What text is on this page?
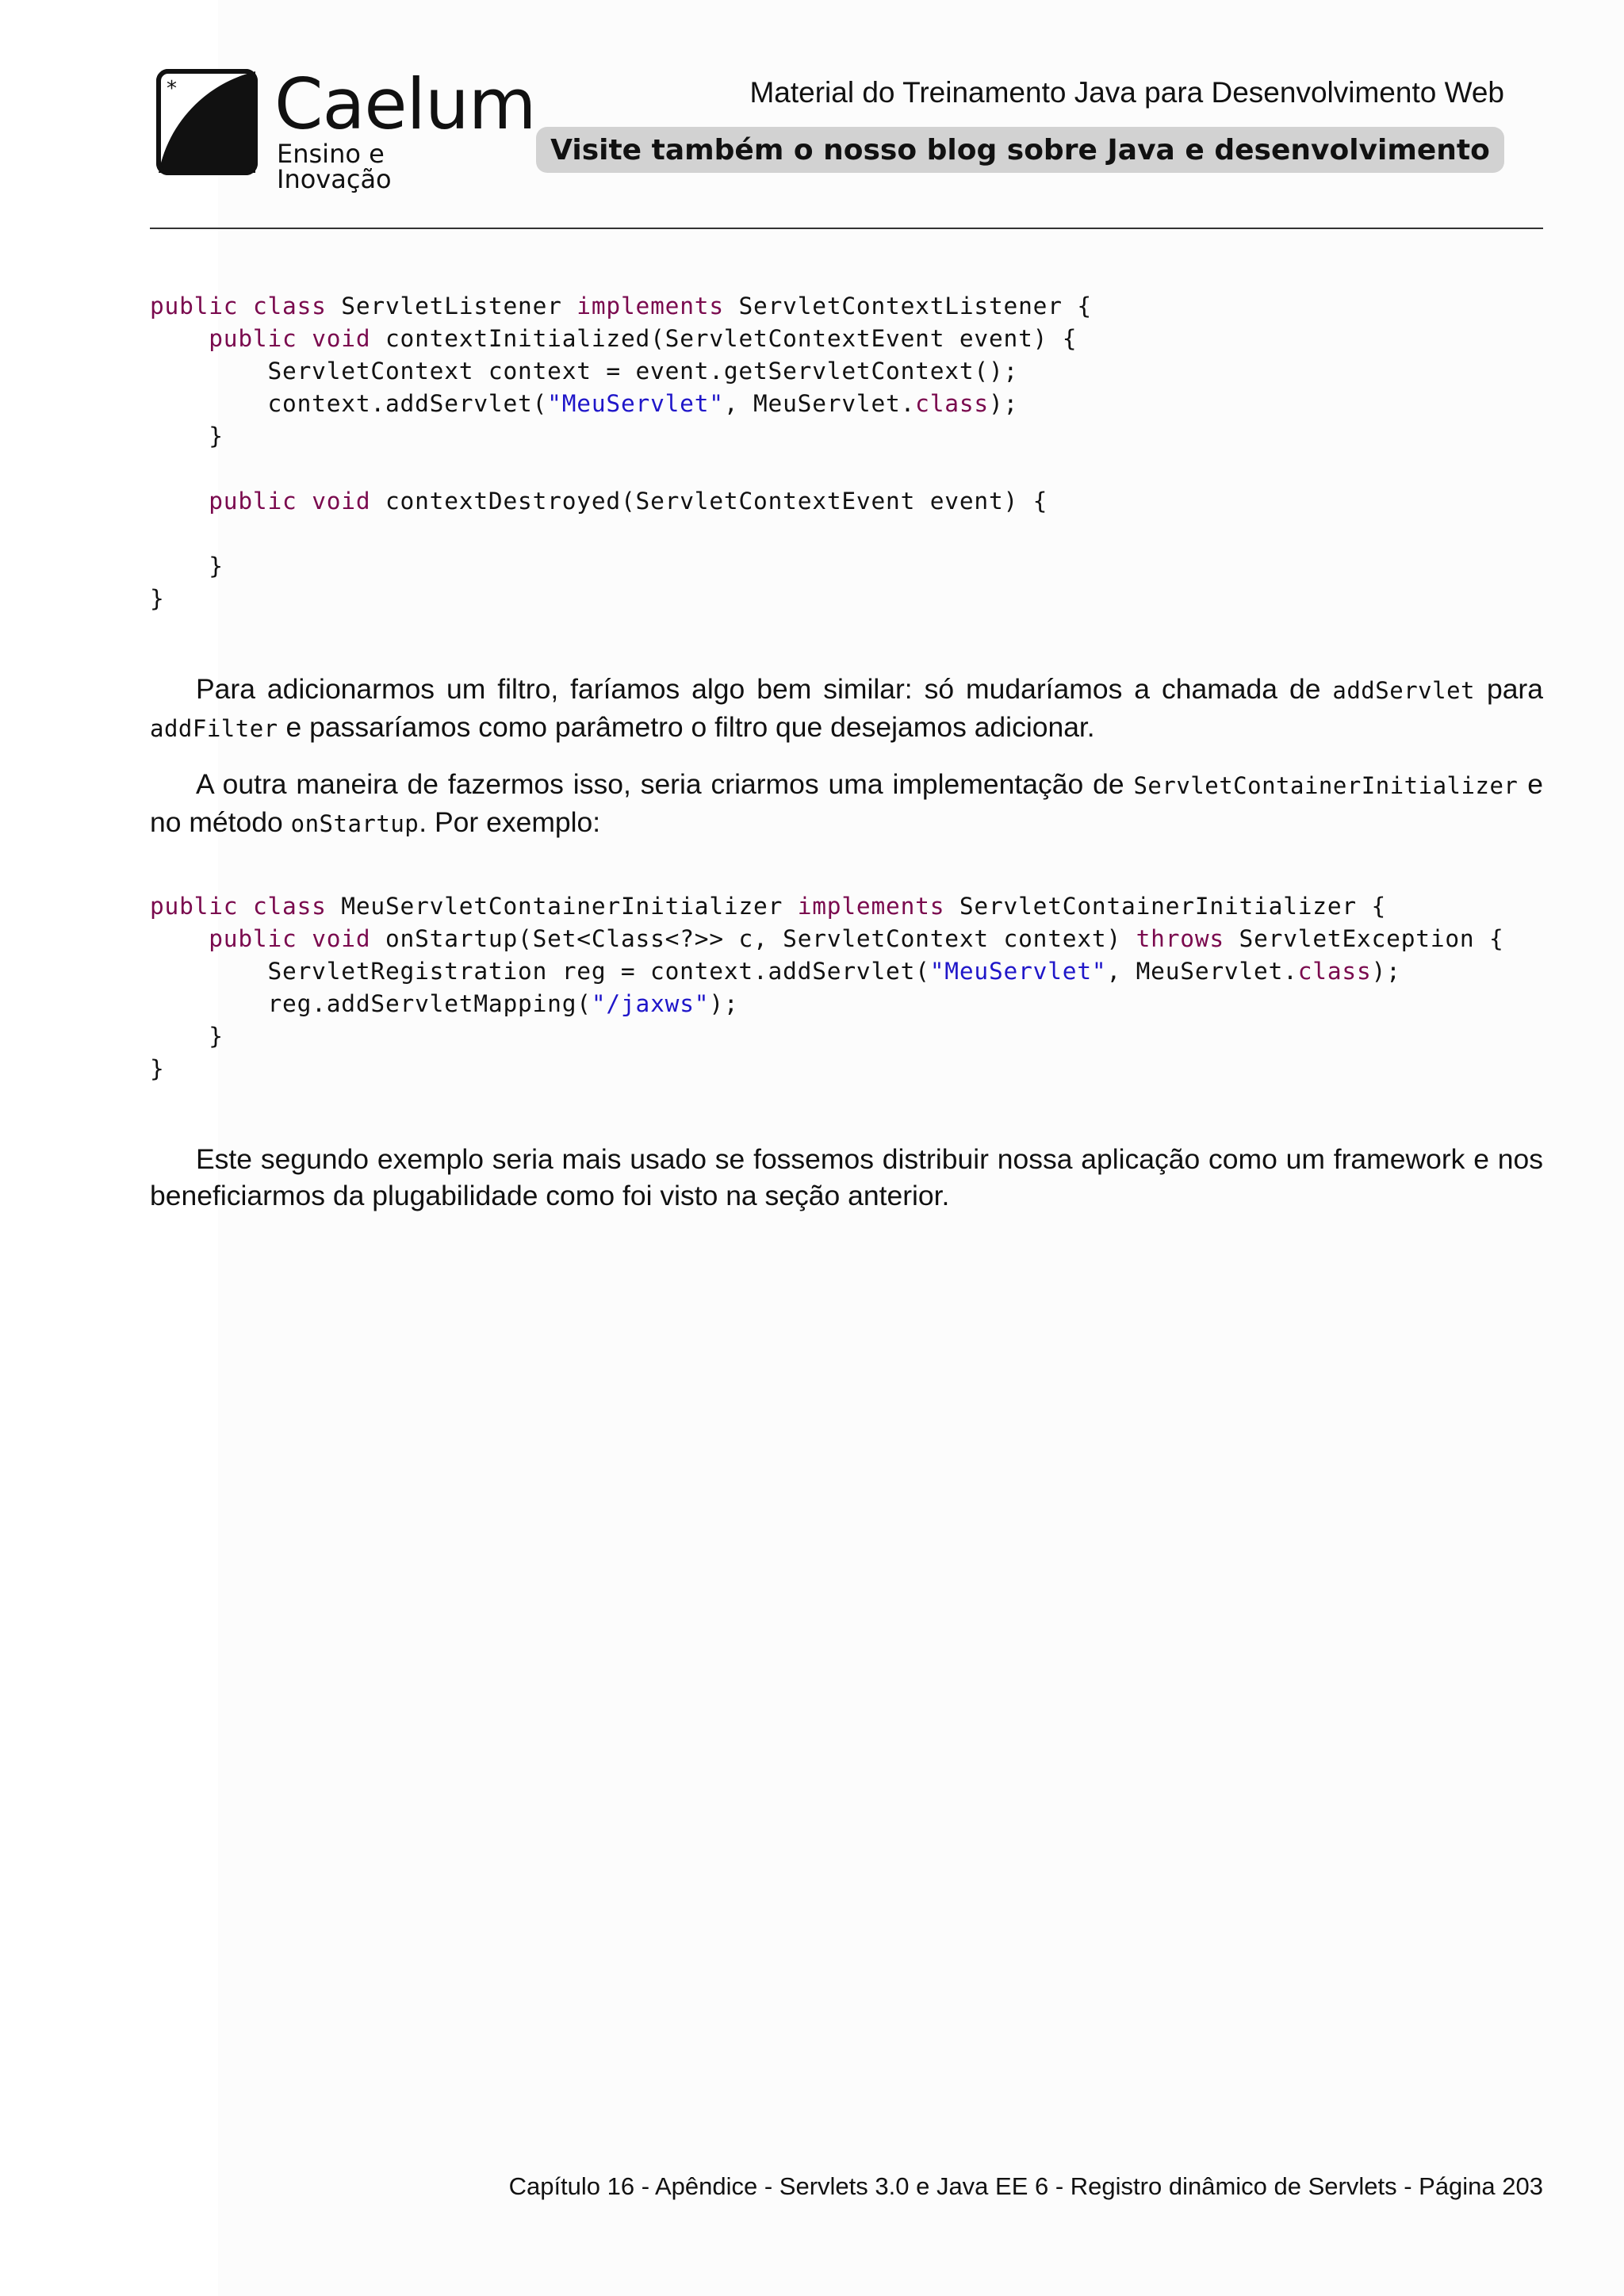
* Caelum
Ensino e Inovação
Material do Treinamento Java para Desenvolvimento Web
Visite também o nosso blog sobre Java e desenvolvimento
public class ServletListener implements ServletContextListener {
public void contextInitialized(ServletContextEvent event) {
ServletContext context = event.getServletContext();
context.addServlet("MeuServlet", MeuServlet.class);
}
public void contextDestroyed(ServletContextEvent event) {
}
}

Para adicionarmos um filtro, faríamos algo bem similar: só mudaríamos a chamada de addServlet para addFilter e passaríamos como parâmetro o filtro que desejamos adicionar.

A outra maneira de fazermos isso, seria criarmos uma implementação de ServletContainerInitializer e no método onStartup. Por exemplo:

public class MeuServletContainerInitializer implements ServletContainerInitializer {
public void onStartup(Set<Class<?>> c, ServletContext context) throws ServletException {
ServletRegistration reg = context.addServlet("MeuServlet", MeuServlet.class);
reg.addServletMapping("/jaxws");
}
}

Este segundo exemplo seria mais usado se fossemos distribuir nossa aplicação como um framework e nos beneficiarmos da plugabilidade como foi visto na seção anterior.

Capítulo 16 - Apêndice - Servlets 3.0 e Java EE 6 - Registro dinâmico de Servlets - Página 203
